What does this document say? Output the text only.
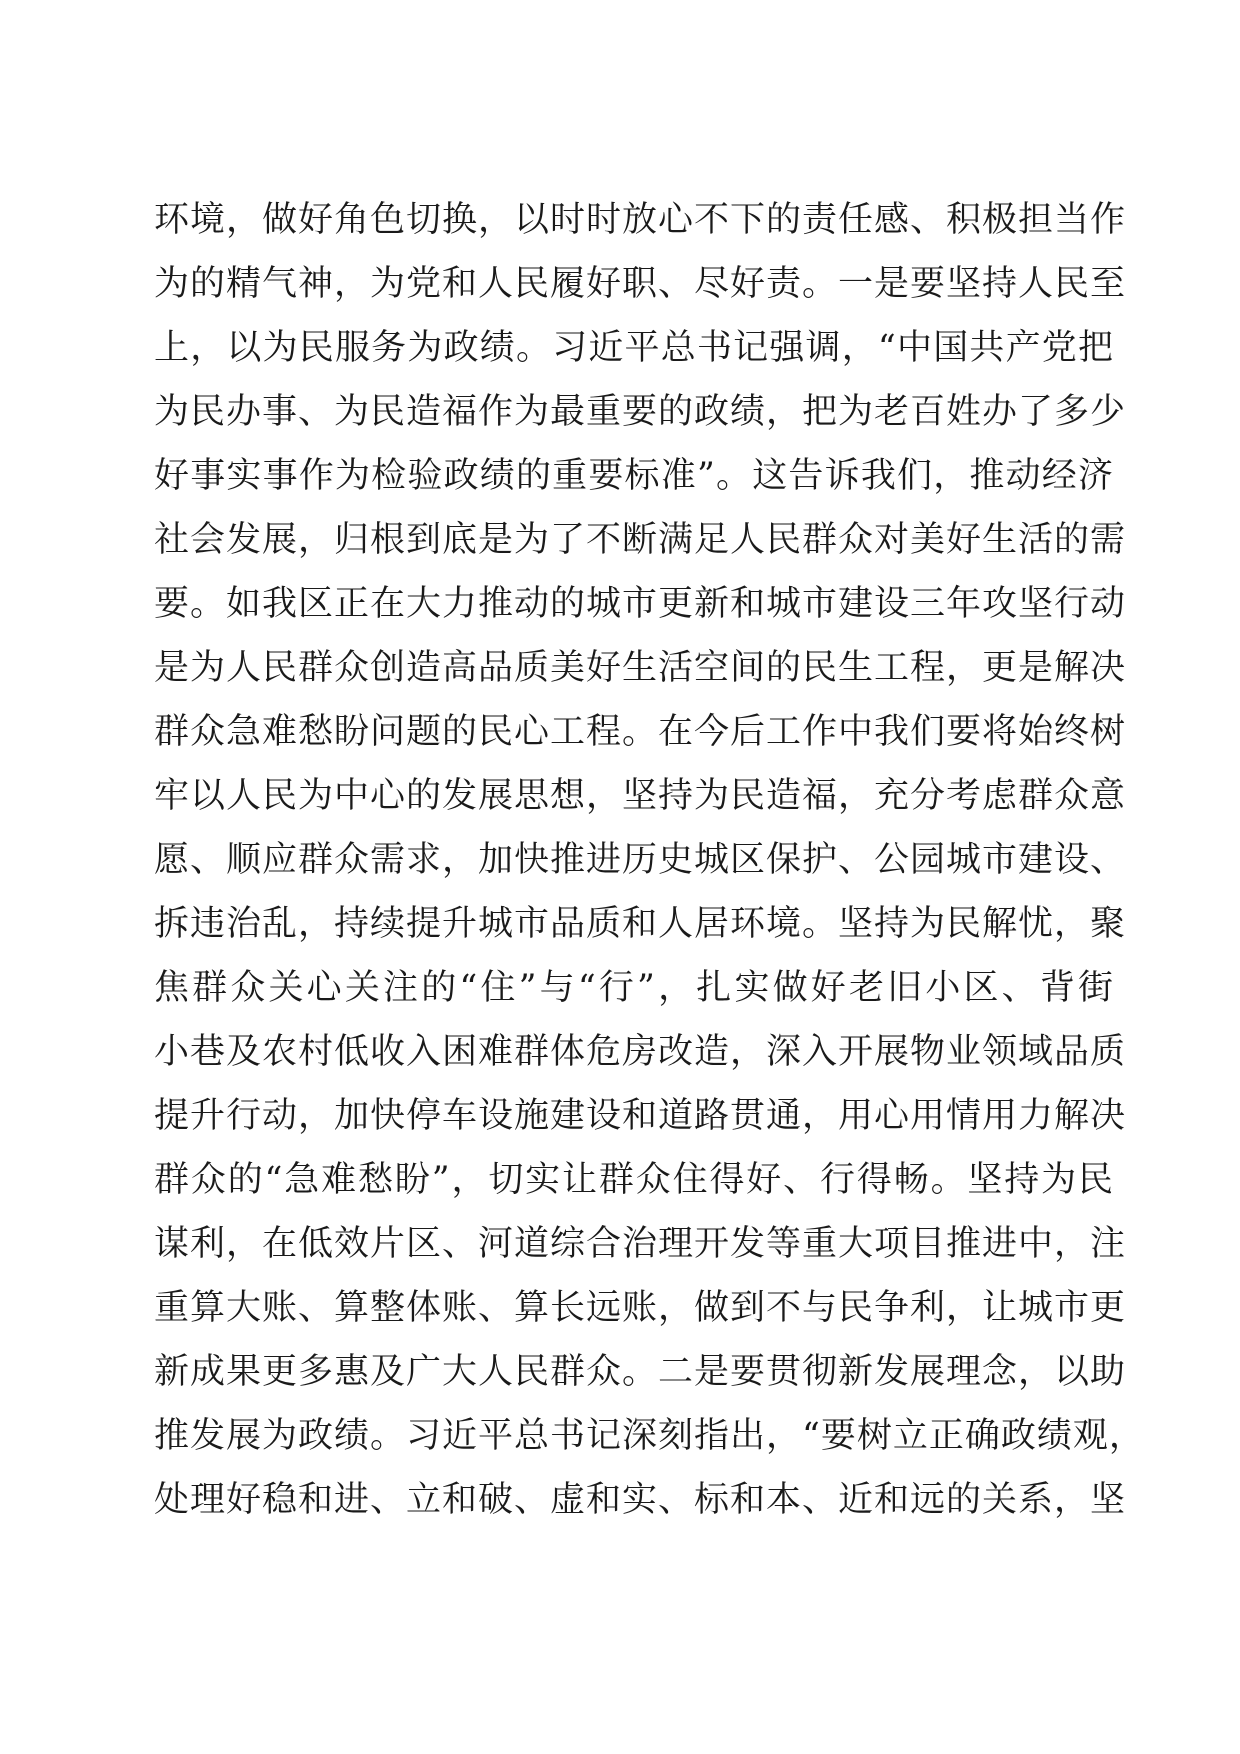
环境，做好角色切换，以时时放心不下的责任感、积极担当作
为的精气神，为党和人民履好职、尽好责。一是要坚持人民至
上，以为民服务为政绩。习近平总书记强调，“中国共产党把
为民办事、为民造福作为最重要的政绩，把为老百姓办了多少
好事实事作为检验政绩的重要标准”。这告诉我们，推动经济
社会发展，归根到底是为了不断满足人民群众对美好生活的需
要。如我区正在大力推动的城市更新和城市建设三年攻坚行动
是为人民群众创造高品质美好生活空间的民生工程，更是解决
群众急难愁盼问题的民心工程。在今后工作中我们要将始终树
牢以人民为中心的发展思想，坚持为民造福，充分考虑群众意
愿、顺应群众需求，加快推进历史城区保护、公园城市建设、
拆违治乱，持续提升城市品质和人居环境。坚持为民解忧，聚
焦群众关心关注的“住”与“行”，扎实做好老旧小区、背街
小巷及农村低收入困难群体危房改造，深入开展物业领域品质
提升行动，加快停车设施建设和道路贯通，用心用情用力解决
群众的“急难愁盼”，切实让群众住得好、行得畅。坚持为民
谋利，在低效片区、河道综合治理开发等重大项目推进中，注
重算大账、算整体账、算长远账，做到不与民争利，让城市更
新成果更多惠及广大人民群众。二是要贯彻新发展理念，以助
推发展为政绩。习近平总书记深刻指出，“要树立正确政绩观，
处理好稳和进、立和破、虚和实、标和本、近和远的关系，坚
